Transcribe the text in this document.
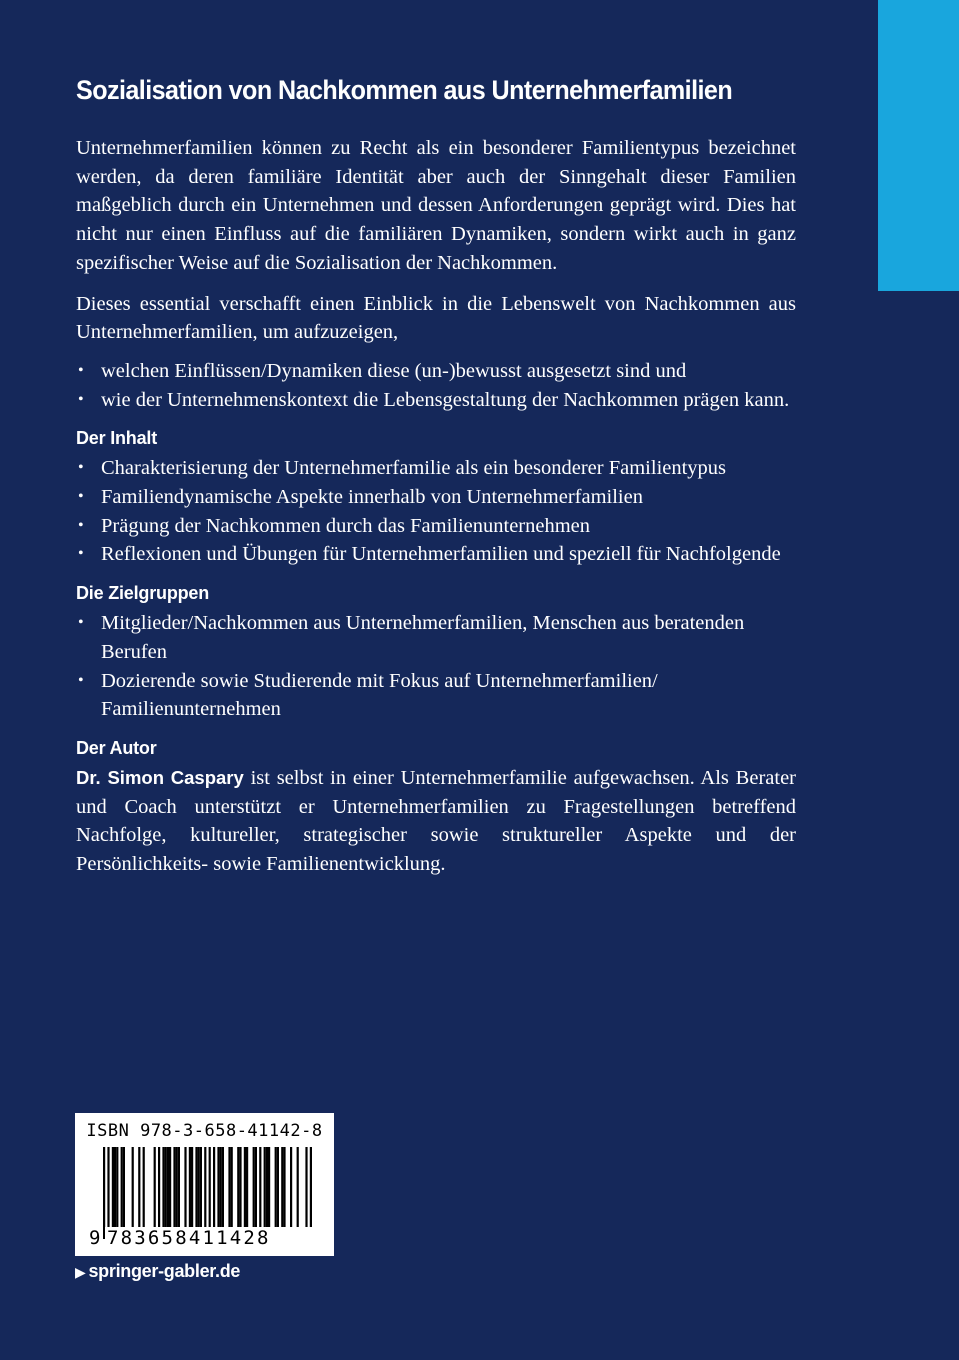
Sozialisation von Nachkommen aus Unternehmerfamilien

Unternehmerfamilien können zu Recht als ein besonderer Familientypus bezeichnet werden, da deren familiäre Identität aber auch der Sinngehalt dieser Familien maßgeblich durch ein Unternehmen und dessen Anforderungen geprägt wird. Dies hat nicht nur einen Einfluss auf die familiären Dynamiken, sondern wirkt auch in ganz spezifischer Weise auf die Sozialisation der Nachkommen.

Dieses essential verschafft einen Einblick in die Lebenswelt von Nachkommen aus Unternehmerfamilien, um aufzuzeigen,

• welchen Einflüssen/Dynamiken diese (un-)bewusst ausgesetzt sind und
• wie der Unternehmenskontext die Lebensgestaltung der Nachkommen prägen kann.
Der Inhalt
• Charakterisierung der Unternehmerfamilie als ein besonderer Familientypus
• Familiendynamische Aspekte innerhalb von Unternehmerfamilien
• Prägung der Nachkommen durch das Familienunternehmen
• Reflexionen und Übungen für Unternehmerfamilien und speziell für Nachfolgende
Die Zielgruppen
• Mitglieder/Nachkommen aus Unternehmerfamilien, Menschen aus beratenden Berufen
• Dozierende sowie Studierende mit Fokus auf Unternehmerfamilien/ Familienunternehmen
Der Autor

Dr. Simon Caspary ist selbst in einer Unternehmerfamilie aufgewachsen. Als Berater und Coach unterstützt er Unternehmerfamilien zu Fragestellungen betreffend Nachfolge, kultureller, strategischer sowie struktureller Aspekte und der Persönlichkeits- sowie Familienentwicklung.

ISBN 978-3-658-41142-8
9 783658411428
▶ springer-gabler.de
